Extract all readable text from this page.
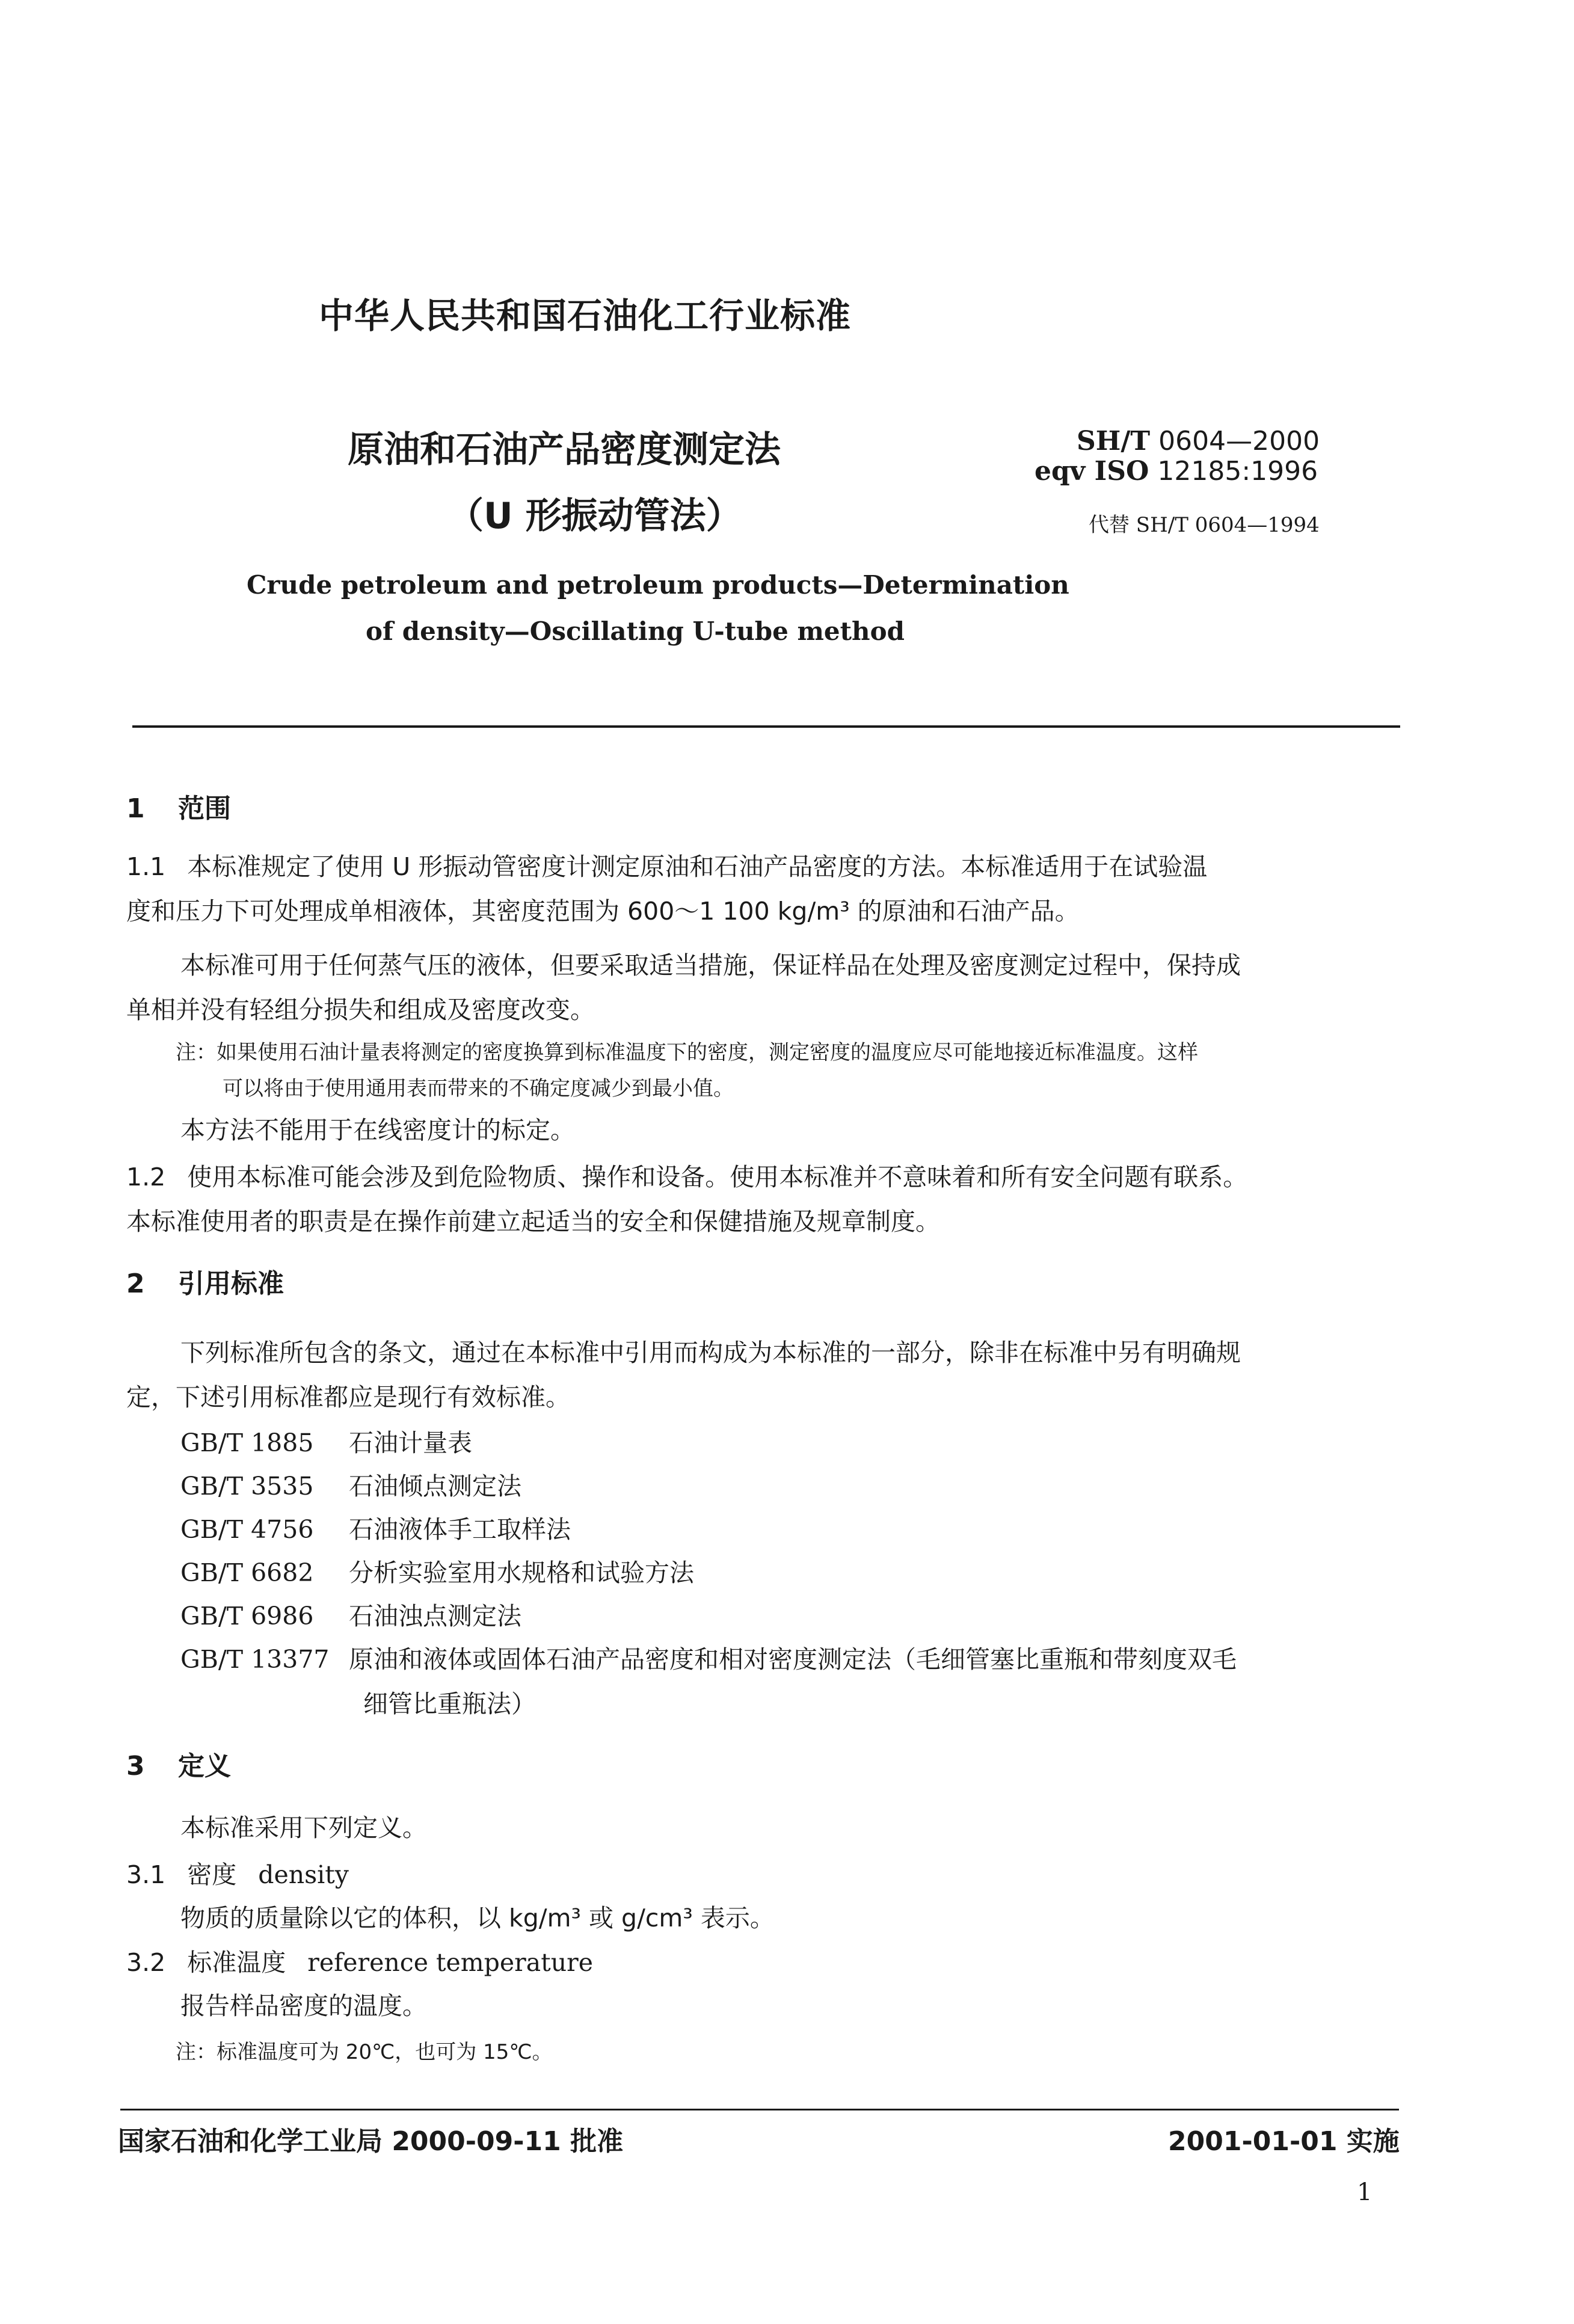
中华人民共和国石油化工行业标准
原油和石油产品密度测定法
（U 形振动管法）
SH/T 0604—2000
eqv ISO 12185:1996
代替 SH/T 0604—1994
Crude petroleum and petroleum products—Determination
of density—Oscillating U-tube method
1 范围
1.1 本标准规定了使用 U 形振动管密度计测定原油和石油产品密度的方法。本标准适用于在试验温
度和压力下可处理成单相液体，其密度范围为 600～1 100 kg/m³ 的原油和石油产品。
本标准可用于任何蒸气压的液体，但要采取适当措施，保证样品在处理及密度测定过程中，保持成
单相并没有轻组分损失和组成及密度改变。
注：如果使用石油计量表将测定的密度换算到标准温度下的密度，测定密度的温度应尽可能地接近标准温度。这样
可以将由于使用通用表而带来的不确定度减少到最小值。
本方法不能用于在线密度计的标定。
1.2 使用本标准可能会涉及到危险物质、操作和设备。使用本标准并不意味着和所有安全问题有联系。
本标准使用者的职责是在操作前建立起适当的安全和保健措施及规章制度。
2 引用标准
下列标准所包含的条文，通过在本标准中引用而构成为本标准的一部分，除非在标准中另有明确规
定，下述引用标准都应是现行有效标准。
GB/T 1885 石油计量表
GB/T 3535 石油倾点测定法
GB/T 4756 石油液体手工取样法
GB/T 6682 分析实验室用水规格和试验方法
GB/T 6986 石油浊点测定法
GB/T 13377 原油和液体或固体石油产品密度和相对密度测定法（毛细管塞比重瓶和带刻度双毛
细管比重瓶法）
3 定义
本标准采用下列定义。
3.1 密度 density
物质的质量除以它的体积，以 kg/m³ 或 g/cm³ 表示。
3.2 标准温度 reference temperature
报告样品密度的温度。
注：标准温度可为 20℃，也可为 15℃。
国家石油和化学工业局 2000-09-11 批准	2001-01-01 实施
1
